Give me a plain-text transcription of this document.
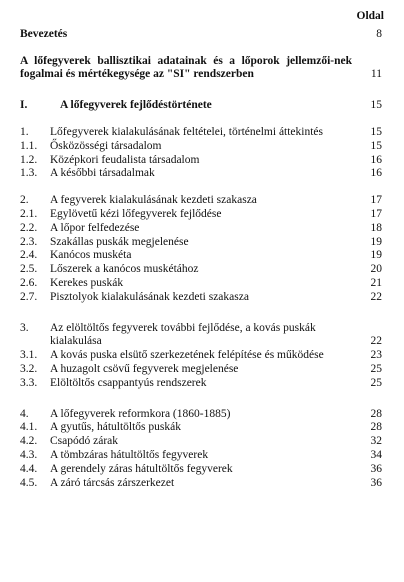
Oldal
Bevezetés	8
A lőfegyverek ballisztikai adatainak és a lőporok jellemzői-nek fogalmai és mértékegysége az "SI" rendszerben	11
I.	A lőfegyverek fejlődéstörténete	15
1.	Lőfegyverek kialakulásának feltételei, történelmi áttekintés	15
1.1.	Ősközösségi társadalom	15
1.2.	Középkori feudalista társadalom	16
1.3.	A későbbi társadalmak	16
2.	A fegyverek kialakulásának kezdeti szakasza	17
2.1.	Egylövetű kézi lőfegyverek fejlődése	17
2.2.	A lőpor felfedezése	18
2.3.	Szakállas puskák megjelenése	19
2.4.	Kanócos muskéta	19
2.5.	Lőszerek a kanócos muskétához	20
2.6.	Kerekes puskák	21
2.7.	Pisztolyok kialakulásának kezdeti szakasza	22
3.	Az elöltöltős fegyverek további fejlődése, a kovás puskák kialakulása	22
3.1.	A kovás puska elsütő szerkezetének felépítése és működése	23
3.2.	A huzagolt csövű fegyverek megjelenése	25
3.3.	Elöltöltős csappantyús rendszerek	25
4.	A lőfegyverek reformkora (1860-1885)	28
4.1.	A gyutűs, hátultöltős puskák	28
4.2.	Csapódó zárak	32
4.3.	A tömbzáras hátultöltős fegyverek	34
4.4.	A gerendely záras hátultöltős fegyverek	36
4.5.	A záró tárcsás zárszerkezet	36
